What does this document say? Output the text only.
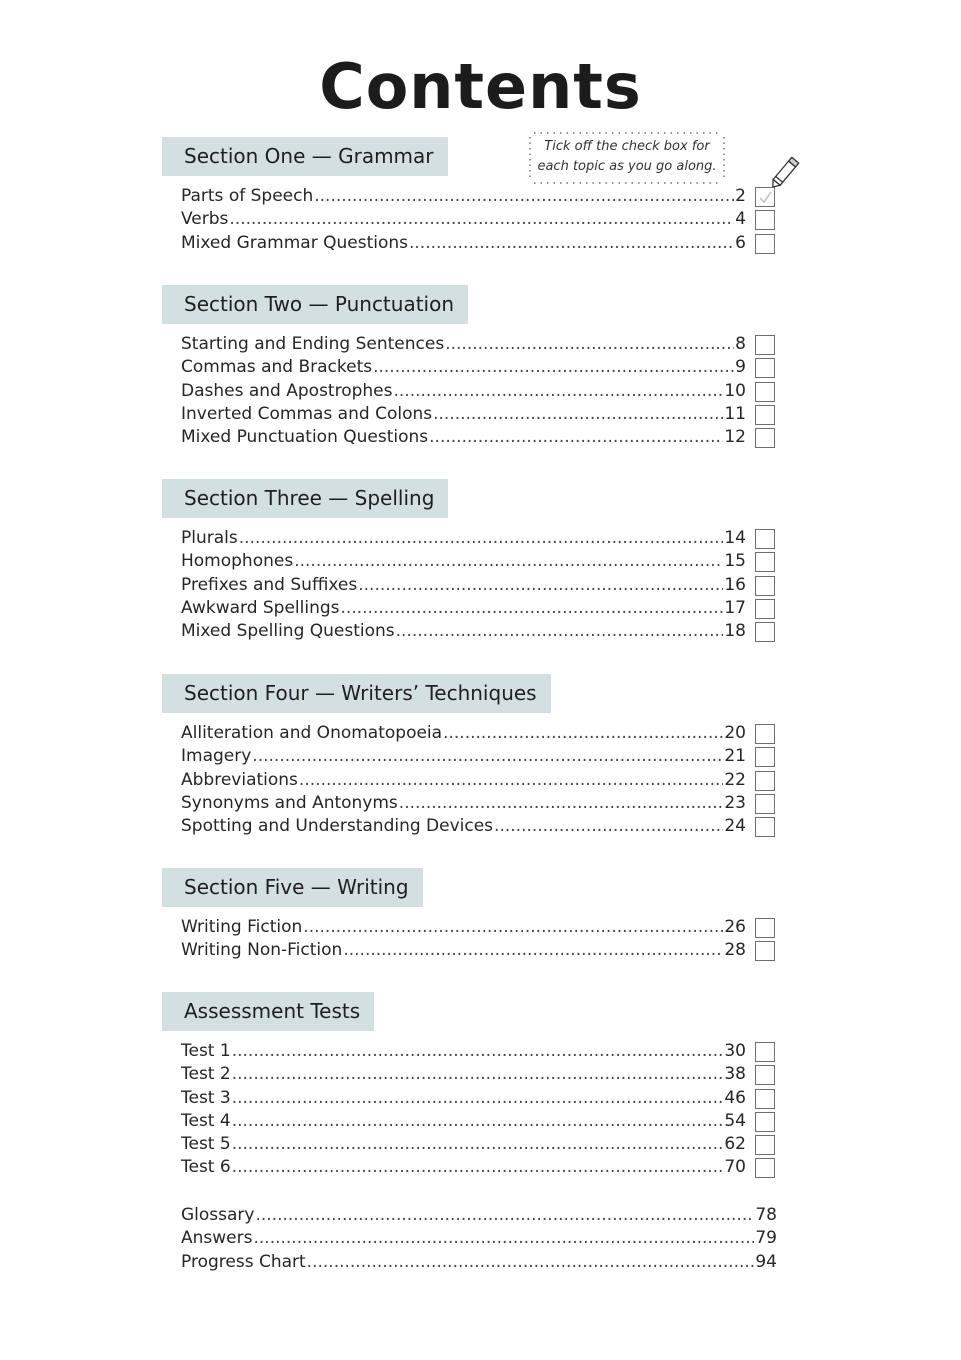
Contents
Tick off the check box for
each topic as you go along.
Section One — Grammar
Parts of Speech .....	2
Verbs .....	4
Mixed Grammar Questions .....	6
Section Two — Punctuation
Starting and Ending Sentences .....	8
Commas and Brackets .....	9
Dashes and Apostrophes .....	10
Inverted Commas and Colons .....	11
Mixed Punctuation Questions .....	12
Section Three — Spelling
Plurals .....	14
Homophones .....	15
Prefixes and Suffixes .....	16
Awkward Spellings .....	17
Mixed Spelling Questions .....	18
Section Four — Writers’ Techniques
Alliteration and Onomatopoeia .....	20
Imagery .....	21
Abbreviations .....	22
Synonyms and Antonyms .....	23
Spotting and Understanding Devices .....	24
Section Five — Writing
Writing Fiction .....	26
Writing Non-Fiction .....	28
Assessment Tests
Test 1 .....	30
Test 2 .....	38
Test 3 .....	46
Test 4 .....	54
Test 5 .....	62
Test 6 .....	70
Glossary .....	78
Answers .....	79
Progress Chart .....	94
